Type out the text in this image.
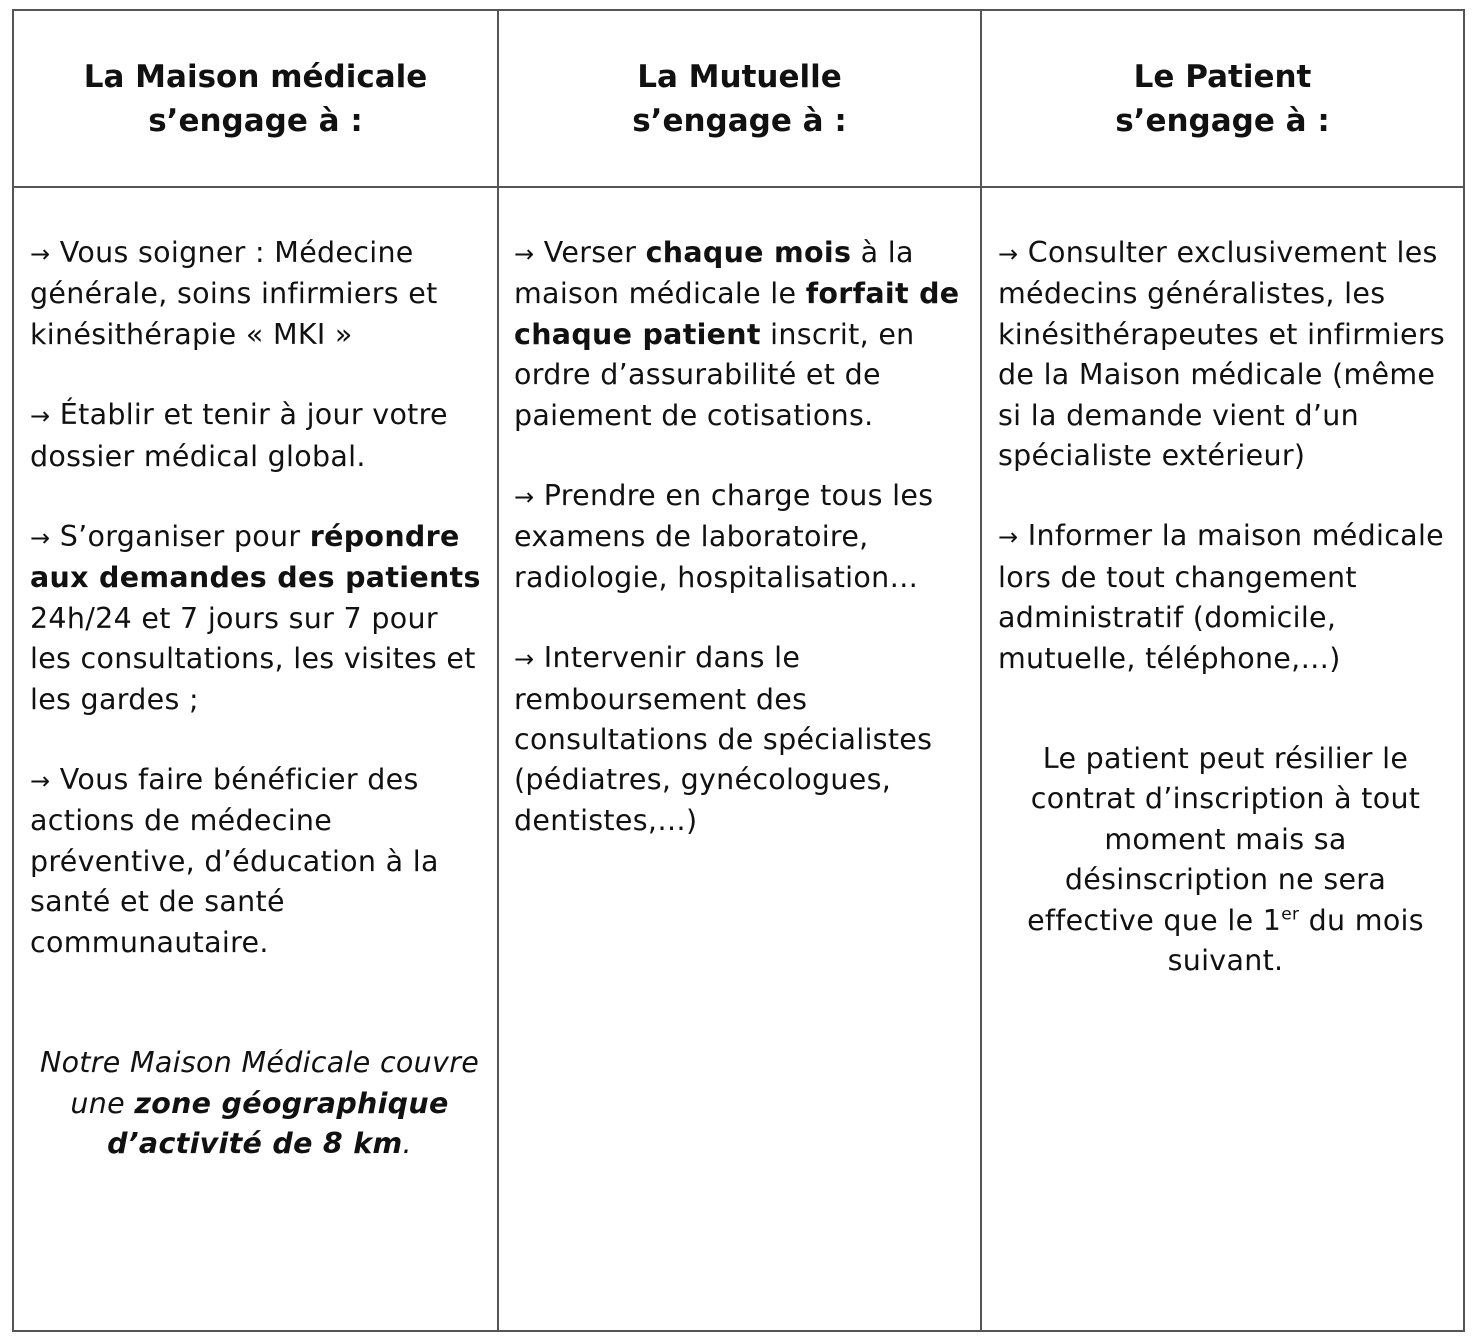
La Maison médicale
s’engage à :
La Mutuelle
s’engage à :
Le Patient
s’engage à :

→ Vous soigner : Médecine générale, soins infirmiers et kinésithérapie « MKI »

→ Établir et tenir à jour votre dossier médical global.

→ S’organiser pour répondre aux demandes des patients 24h/24 et 7 jours sur 7 pour les consultations, les visites et les gardes ;

→ Vous faire bénéficier des actions de médecine préventive, d’éducation à la santé et de santé communautaire.

Notre Maison Médicale couvre une zone géographique d’activité de 8 km.

→ Verser chaque mois à la maison médicale le forfait de chaque patient inscrit, en ordre d’assurabilité et de paiement de cotisations.

→ Prendre en charge tous les examens de laboratoire, radiologie, hospitalisation…

→ Intervenir dans le remboursement des consultations de spécialistes (pédiatres, gynécologues, dentistes,…)

→ Consulter exclusivement les médecins généralistes, les kinésithérapeutes et infirmiers de la Maison médicale (même si la demande vient d’un spécialiste extérieur)

→ Informer la maison médicale lors de tout changement administratif (domicile, mutuelle, téléphone,…)

Le patient peut résilier le contrat d’inscription à tout moment mais sa désinscription ne sera effective que le 1er du mois suivant.
